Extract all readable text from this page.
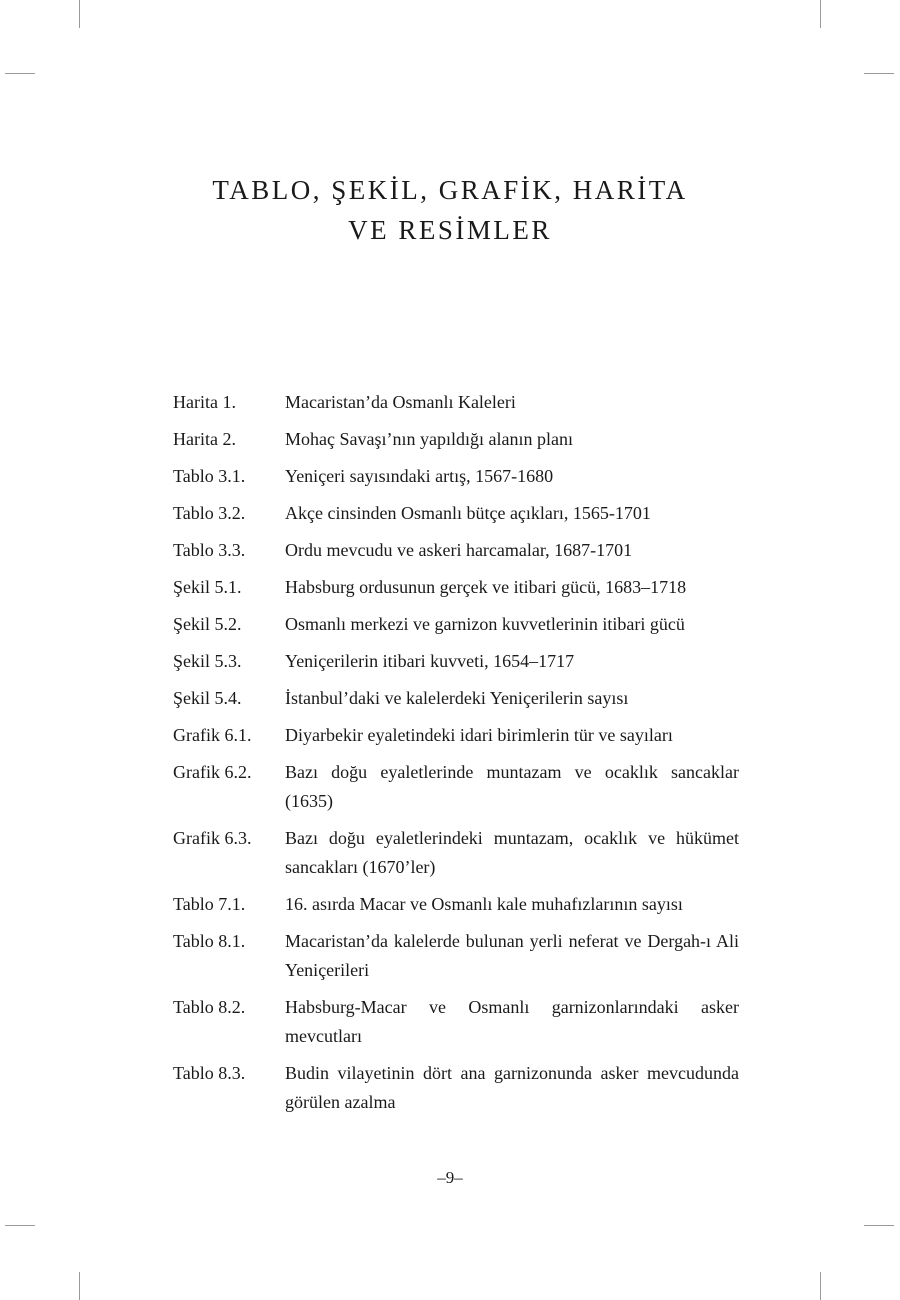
TABLO, ŞEKİL, GRAFİK, HARİTA
VE RESİMLER
Harita 1.	Macaristan’da Osmanlı Kaleleri
Harita 2.	Mohaç Savaşı’nın yapıldığı alanın planı
Tablo 3.1.	Yeniçeri sayısındaki artış, 1567-1680
Tablo 3.2.	Akçe cinsinden Osmanlı bütçe açıkları, 1565-1701
Tablo 3.3.	Ordu mevcudu ve askeri harcamalar, 1687-1701
Şekil 5.1.	Habsburg ordusunun gerçek ve itibari gücü, 1683–1718
Şekil 5.2.	Osmanlı merkezi ve garnizon kuvvetlerinin itibari gücü
Şekil 5.3.	Yeniçerilerin itibari kuvveti, 1654–1717
Şekil 5.4.	İstanbul’daki ve kalelerdeki Yeniçerilerin sayısı
Grafik 6.1.	Diyarbekir eyaletindeki idari birimlerin tür ve sayıları
Grafik 6.2.	Bazı doğu eyaletlerinde muntazam ve ocaklık sancaklar (1635)
Grafik 6.3.	Bazı doğu eyaletlerindeki muntazam, ocaklık ve hükümet sancakları (1670’ler)
Tablo 7.1.	16. asırda Macar ve Osmanlı kale muhafızlarının sayısı
Tablo 8.1.	Macaristan’da kalelerde bulunan yerli neferat ve Dergah-ı Ali Yeniçerileri
Tablo 8.2.	Habsburg-Macar ve Osmanlı garnizonlarındaki asker mevcutları
Tablo 8.3.	Budin vilayetinin dört ana garnizonunda asker mevcudunda görülen azalma
–9–
